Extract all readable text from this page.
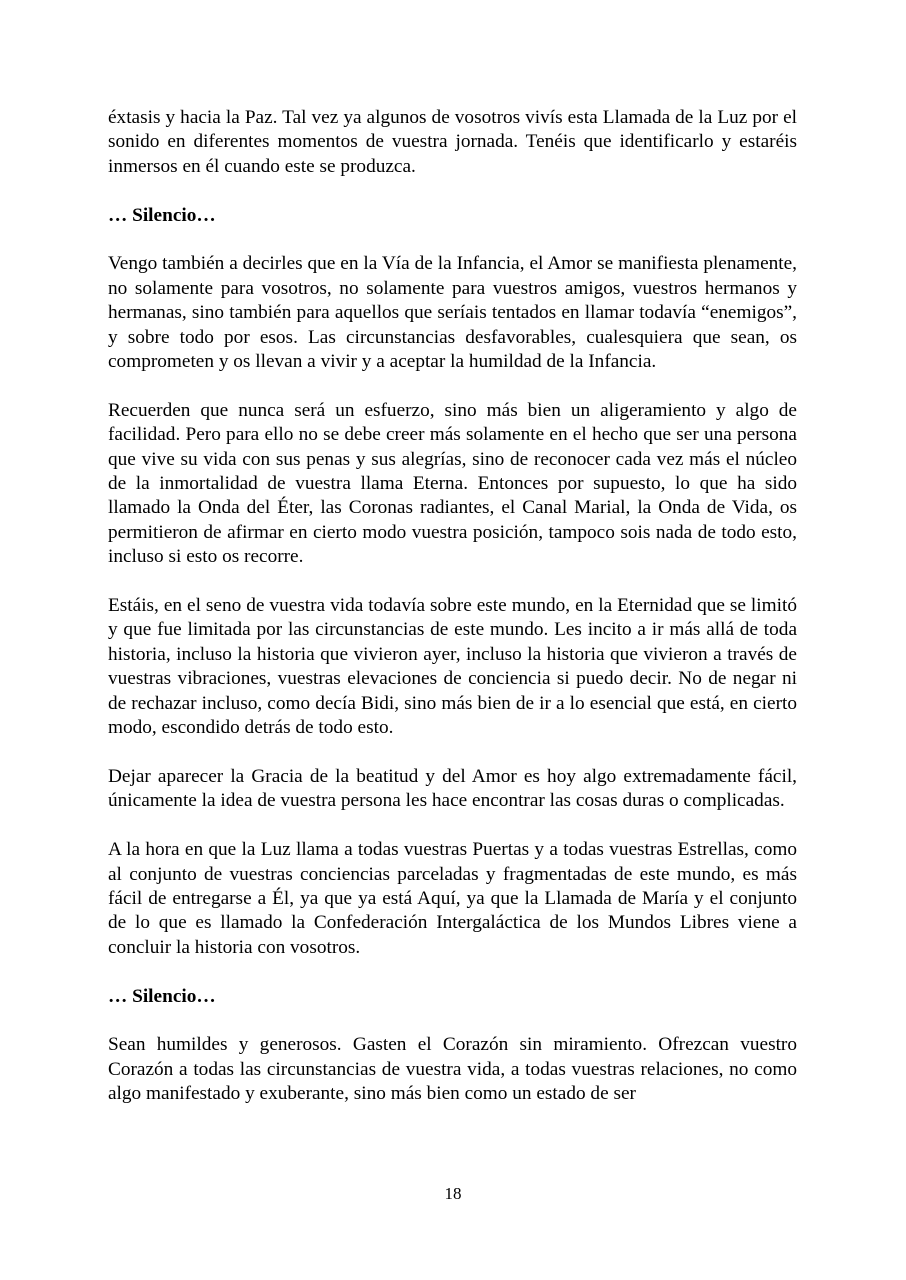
éxtasis y hacia la Paz. Tal vez ya algunos de vosotros vivís esta Llamada de la Luz por el sonido en diferentes momentos de vuestra jornada. Tenéis que identificarlo y estaréis inmersos en él cuando este se produzca.

… Silencio…

Vengo también a decirles que en la Vía de la Infancia, el Amor se manifiesta plenamente, no solamente para vosotros, no solamente para vuestros amigos, vuestros hermanos y hermanas, sino también para aquellos que seríais tentados en llamar todavía “enemigos”, y sobre todo por esos. Las circunstancias desfavorables, cualesquiera que sean, os comprometen y os llevan a vivir y a aceptar la humildad de la Infancia.

Recuerden que nunca será un esfuerzo, sino más bien un aligeramiento y algo de facilidad. Pero para ello no se debe creer más solamente en el hecho que ser una persona que vive su vida con sus penas y sus alegrías, sino de reconocer cada vez más el núcleo de la inmortalidad de vuestra llama Eterna. Entonces por supuesto, lo que ha sido llamado la Onda del Éter, las Coronas radiantes, el Canal Marial, la Onda de Vida, os permitieron de afirmar en cierto modo vuestra posición, tampoco sois nada de todo esto, incluso si esto os recorre.

Estáis, en el seno de vuestra vida todavía sobre este mundo, en la Eternidad que se limitó y que fue limitada por las circunstancias de este mundo. Les incito a ir más allá de toda historia, incluso la historia que vivieron ayer, incluso la historia que vivieron a través de vuestras vibraciones, vuestras elevaciones de conciencia si puedo decir. No de negar ni de rechazar incluso, como decía Bidi, sino más bien de ir a lo esencial que está, en cierto modo, escondido detrás de todo esto.

Dejar aparecer la Gracia de la beatitud y del Amor es hoy algo extremadamente fácil, únicamente la idea de vuestra persona les hace encontrar las cosas duras o complicadas.

A la hora en que la Luz llama a todas vuestras Puertas y a todas vuestras Estrellas, como al conjunto de vuestras conciencias parceladas y fragmentadas de este mundo, es más fácil de entregarse a Él, ya que ya está Aquí, ya que la Llamada de María y el conjunto de lo que es llamado la Confederación Intergaláctica de los Mundos Libres viene a concluir la historia con vosotros.

… Silencio…

Sean humildes y generosos. Gasten el Corazón sin miramiento. Ofrezcan vuestro Corazón a todas las circunstancias de vuestra vida, a todas vuestras relaciones, no como algo manifestado y exuberante, sino más bien como un estado de ser

18
